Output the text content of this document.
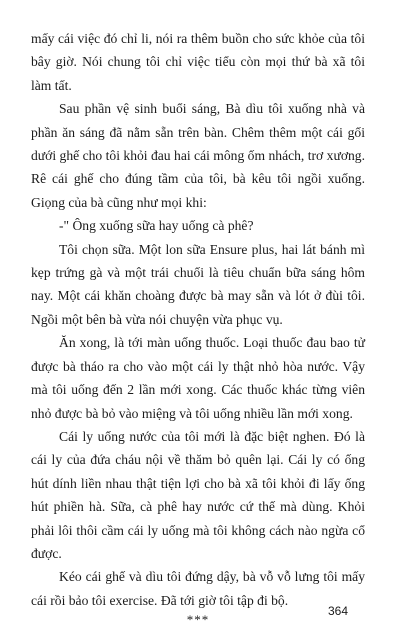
mấy cái việc đó chỉ li, nói ra thêm buồn cho sức khỏe của tôi bây giờ. Nói chung tôi chỉ việc tiểu còn mọi thứ bà xã tôi làm tất.

Sau phần vệ sinh buổi sáng, Bà dìu tôi xuống nhà và phần ăn sáng đã nằm sẵn trên bàn. Chêm thêm một cái gối dưới ghế cho tôi khỏi đau hai cái mông ốm nhách, trơ xương. Rê cái ghế cho đúng tầm của tôi, bà kêu tôi ngồi xuống. Giọng của bà cũng như mọi khi:

-" Ông xuống sữa hay uống cà phê?

Tôi chọn sữa. Một lon sữa Ensure plus, hai lát bánh mì kẹp trứng gà và một trái chuối là tiêu chuẩn bữa sáng hôm nay. Một cái khăn choàng được bà may sẵn và lót ở đùi tôi. Ngồi một bên bà vừa nói chuyện vừa phục vụ.

Ăn xong, là tới màn uống thuốc. Loại thuốc đau bao tử được bà tháo ra cho vào một cái ly thật nhỏ hòa nước. Vậy mà tôi uống đến 2 lần mới xong. Các thuốc khác từng viên nhỏ được bà bỏ vào miệng và tôi uống nhiều lần mới xong.

Cái ly uống nước của tôi mới là đặc biệt nghen. Đó là cái ly của đứa cháu nội về thăm bỏ quên lại. Cái ly có ống hút dính liền nhau thật tiện lợi cho bà xã tôi khỏi đi lấy ống hút phiền hà. Sữa, cà phê hay nước cứ thế mà dùng. Khỏi phải lôi thôi cầm cái ly uống mà tôi không cách nào ngừa cổ được.

Kéo cái ghế và dìu tôi đứng dậy, bà vỗ vỗ lưng tôi mấy cái rồi bảo tôi exercise. Đã tới giờ tôi tập đi bộ.

***

364
